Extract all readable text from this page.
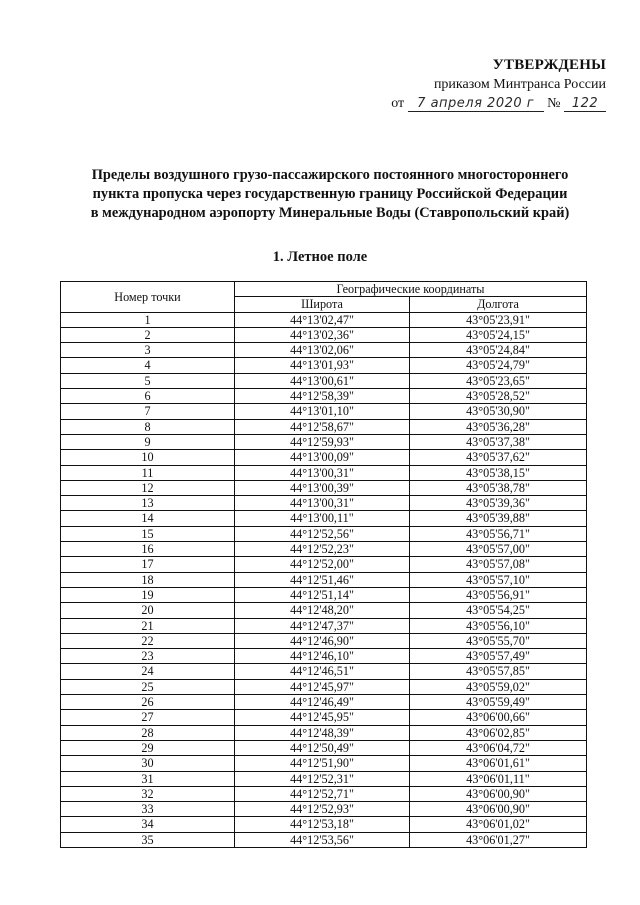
УТВЕРЖДЕНЫ
приказом Минтранса России
от 7 апреля 2020 г № 122
Пределы воздушного грузо-пассажирского постоянного многостороннего
пункта пропуска через государственную границу Российской Федерации
в международном аэропорту Минеральные Воды (Ставропольский край)
1. Летное поле
Номер точки	Географические координаты	
	Широта	Долгота
1	44°13'02,47"	43°05'23,91"
2	44°13'02,36"	43°05'24,15"
3	44°13'02,06"	43°05'24,84"
4	44°13'01,93"	43°05'24,79"
5	44°13'00,61"	43°05'23,65"
6	44°12'58,39"	43°05'28,52"
7	44°13'01,10"	43°05'30,90"
8	44°12'58,67"	43°05'36,28"
9	44°12'59,93"	43°05'37,38"
10	44°13'00,09"	43°05'37,62"
11	44°13'00,31"	43°05'38,15"
12	44°13'00,39"	43°05'38,78"
13	44°13'00,31"	43°05'39,36"
14	44°13'00,11"	43°05'39,88"
15	44°12'52,56"	43°05'56,71"
16	44°12'52,23"	43°05'57,00"
17	44°12'52,00"	43°05'57,08"
18	44°12'51,46"	43°05'57,10"
19	44°12'51,14"	43°05'56,91"
20	44°12'48,20"	43°05'54,25"
21	44°12'47,37"	43°05'56,10"
22	44°12'46,90"	43°05'55,70"
23	44°12'46,10"	43°05'57,49"
24	44°12'46,51"	43°05'57,85"
25	44°12'45,97"	43°05'59,02"
26	44°12'46,49"	43°05'59,49"
27	44°12'45,95"	43°06'00,66"
28	44°12'48,39"	43°06'02,85"
29	44°12'50,49"	43°06'04,72"
30	44°12'51,90"	43°06'01,61"
31	44°12'52,31"	43°06'01,11"
32	44°12'52,71"	43°06'00,90"
33	44°12'52,93"	43°06'00,90"
34	44°12'53,18"	43°06'01,02"
35	44°12'53,56"	43°06'01,27"
